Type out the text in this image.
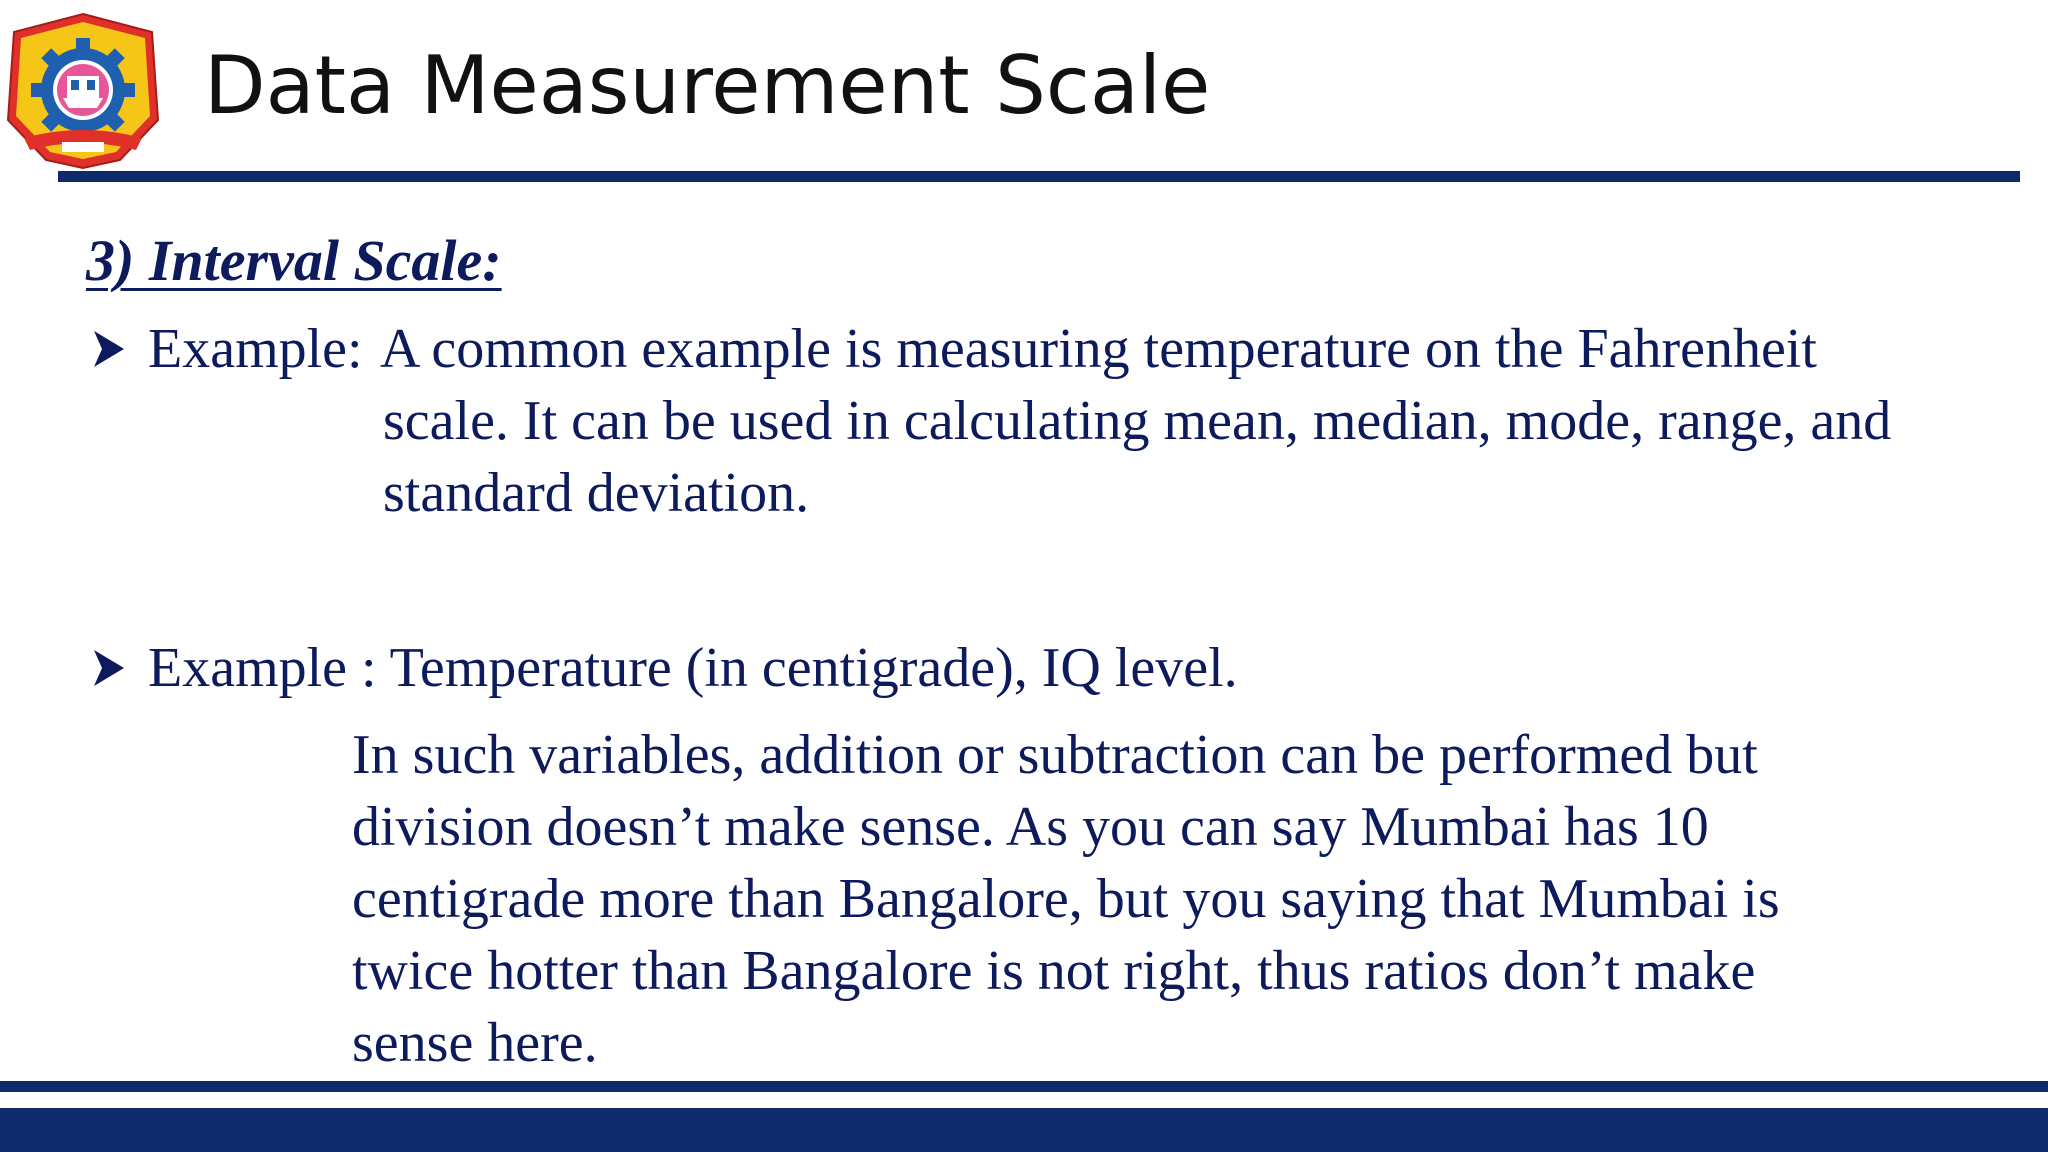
Data Measurement Scale
3) Interval Scale:
Example: A common example is measuring temperature on the Fahrenheit
scale. It can be used in calculating mean, median, mode, range, and
standard deviation.

Example : Temperature (in centigrade), IQ level.

In such variables, addition or subtraction can be performed but
division doesn’t make sense. As you can say Mumbai has 10
centigrade more than Bangalore, but you saying that Mumbai is
twice hotter than Bangalore is not right, thus ratios don’t make
sense here.
